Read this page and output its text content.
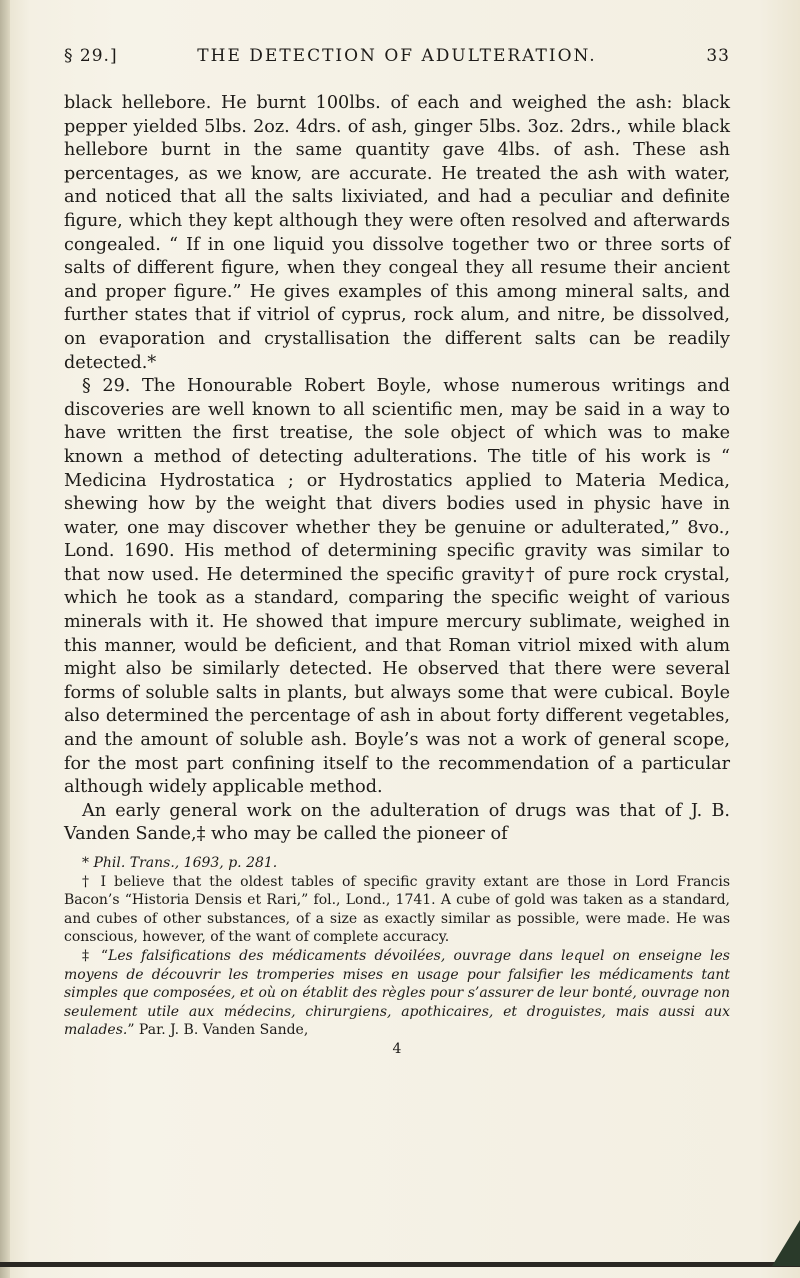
THE DETECTION OF ADULTERATION.
§ 29.]	33

black hellebore. He burnt 100lbs. of each and weighed the ash: black pepper yielded 5lbs. 2oz. 4drs. of ash, ginger 5lbs. 3oz. 2drs., while black hellebore burnt in the same quantity gave 4lbs. of ash. These ash percentages, as we know, are accurate. He treated the ash with water, and noticed that all the salts lixiviated, and had a peculiar and definite figure, which they kept although they were often resolved and afterwards congealed. “ If in one liquid you dissolve together two or three sorts of salts of different figure, when they congeal they all resume their ancient and proper figure.” He gives examples of this among mineral salts, and further states that if vitriol of cyprus, rock alum, and nitre, be dissolved, on evaporation and crystallisation the different salts can be readily detected.*

§ 29. The Honourable Robert Boyle, whose numerous writings and discoveries are well known to all scientific men, may be said in a way to have written the first treatise, the sole object of which was to make known a method of detecting adulterations. The title of his work is “ Medicina Hydrostatica ; or Hydrostatics applied to Materia Medica, shewing how by the weight that divers bodies used in physic have in water, one may discover whether they be genuine or adulterated,” 8vo., Lond. 1690. His method of determining specific gravity was similar to that now used. He determined the specific gravity† of pure rock crystal, which he took as a standard, comparing the specific weight of various minerals with it. He showed that impure mercury sublimate, weighed in this manner, would be deficient, and that Roman vitriol mixed with alum might also be similarly detected. He observed that there were several forms of soluble salts in plants, but always some that were cubical. Boyle also determined the percentage of ash in about forty different vegetables, and the amount of soluble ash. Boyle’s was not a work of general scope, for the most part confining itself to the recommendation of a particular although widely applicable method.

An early general work on the adulteration of drugs was that of J. B. Vanden Sande,‡ who may be called the pioneer of

* Phil. Trans., 1693, p. 281.

† I believe that the oldest tables of specific gravity extant are those in Lord Francis Bacon’s “Historia Densis et Rari,” fol., Lond., 1741. A cube of gold was taken as a standard, and cubes of other substances, of a size as exactly similar as possible, were made. He was conscious, however, of the want of complete accuracy.

‡ “Les falsifications des médicaments dévoilées, ouvrage dans lequel on enseigne les moyens de découvrir les tromperies mises en usage pour falsifier les médicaments tant simples que composées, et où on établit des règles pour s’assurer de leur bonté, ouvrage non seulement utile aux médecins, chirurgiens, apothicaires, et droguistes, mais aussi aux malades.” Par. J. B. Vanden Sande,

4
